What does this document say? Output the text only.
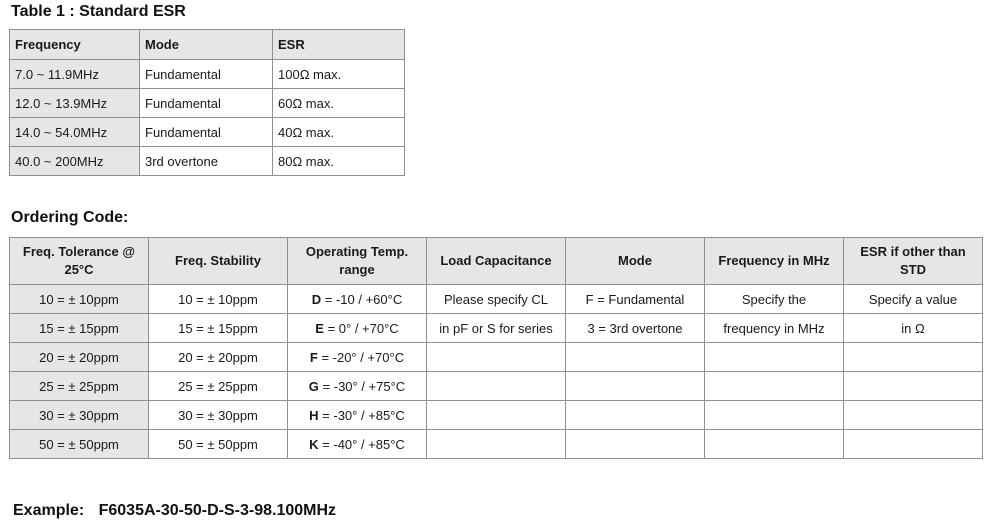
Table 1 : Standard ESR
Frequency	Mode	ESR
7.0 ~ 11.9MHz	Fundamental	100Ω max.
12.0 ~ 13.9MHz	Fundamental	60Ω max.
14.0 ~ 54.0MHz	Fundamental	40Ω max.
40.0 ~ 200MHz	3rd overtone	80Ω max.
Ordering Code:
Freq. Tolerance @ 25°C	Freq. Stability	Operating Temp. range	Load Capacitance	Mode	Frequency in MHz	ESR if other than STD
10 = ± 10ppm	10 = ± 10ppm	D = -10 / +60°C	Please specify CL	F = Fundamental	Specify the	Specify a value
15 = ± 15ppm	15 = ± 15ppm	E = 0° / +70°C	in pF or S for series	3 = 3rd overtone	frequency in MHz	in Ω
20 = ± 20ppm	20 = ± 20ppm	F = -20° / +70°C				
25 = ± 25ppm	25 = ± 25ppm	G = -30° / +75°C				
30 = ± 30ppm	30 = ± 30ppm	H = -30° / +85°C				
50 = ± 50ppm	50 = ± 50ppm	K = -40° / +85°C				
Example: F6035A-30-50-D-S-3-98.100MHz
